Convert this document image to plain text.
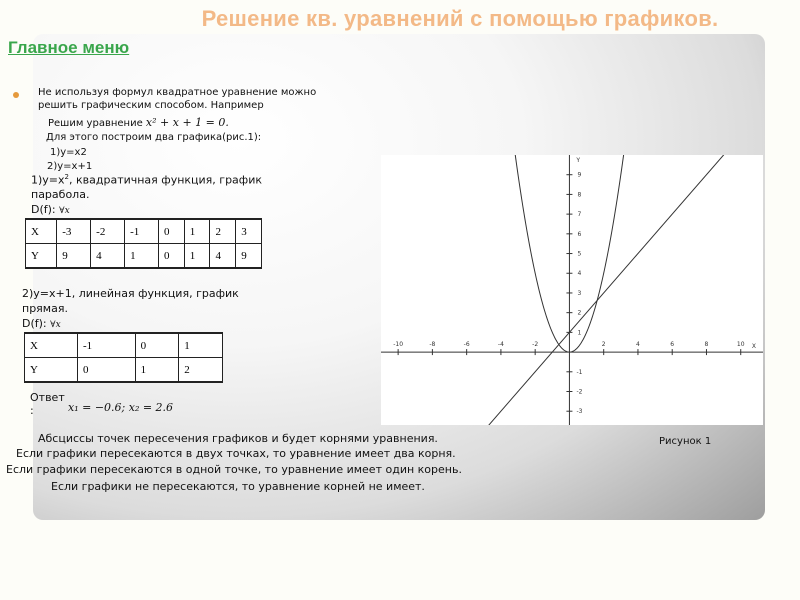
Решение кв. уравнений с помощью графиков.
Главное меню
Не используя формул квадратное уравнение можно
решить графическим способом. Например
Решим уравнение x² + x + 1 = 0.
Для этого построим два графика(рис.1):
1)y=x2
2)y=x+1
$1)y=x^2$, квадратичная функция, график
парабола.
D(f): ∀x
X	-3	-2	-1	0	1	2	3
Y	9	4	1	0	1	4	9
2)y=x+1, линейная функция, график
прямая.
D(f): ∀x
X	-1	0	1
Y	0	1	2
Ответ
:	x₁ = −0.6; x₂ = 2.6
-10	-8	-6	-4	-2	2	4	6	8	10
-3
-2
-1
1
2
3
4
5
6
7
8
9
X
Y
Рисунок 1
Абсциссы точек пересечения графиков и будет корнями уравнения.
Если графики пересекаются в двух точках, то уравнение имеет два корня.
Если графики пересекаются в одной точке, то уравнение имеет один корень.
Если графики не пересекаются, то уравнение корней не имеет.
